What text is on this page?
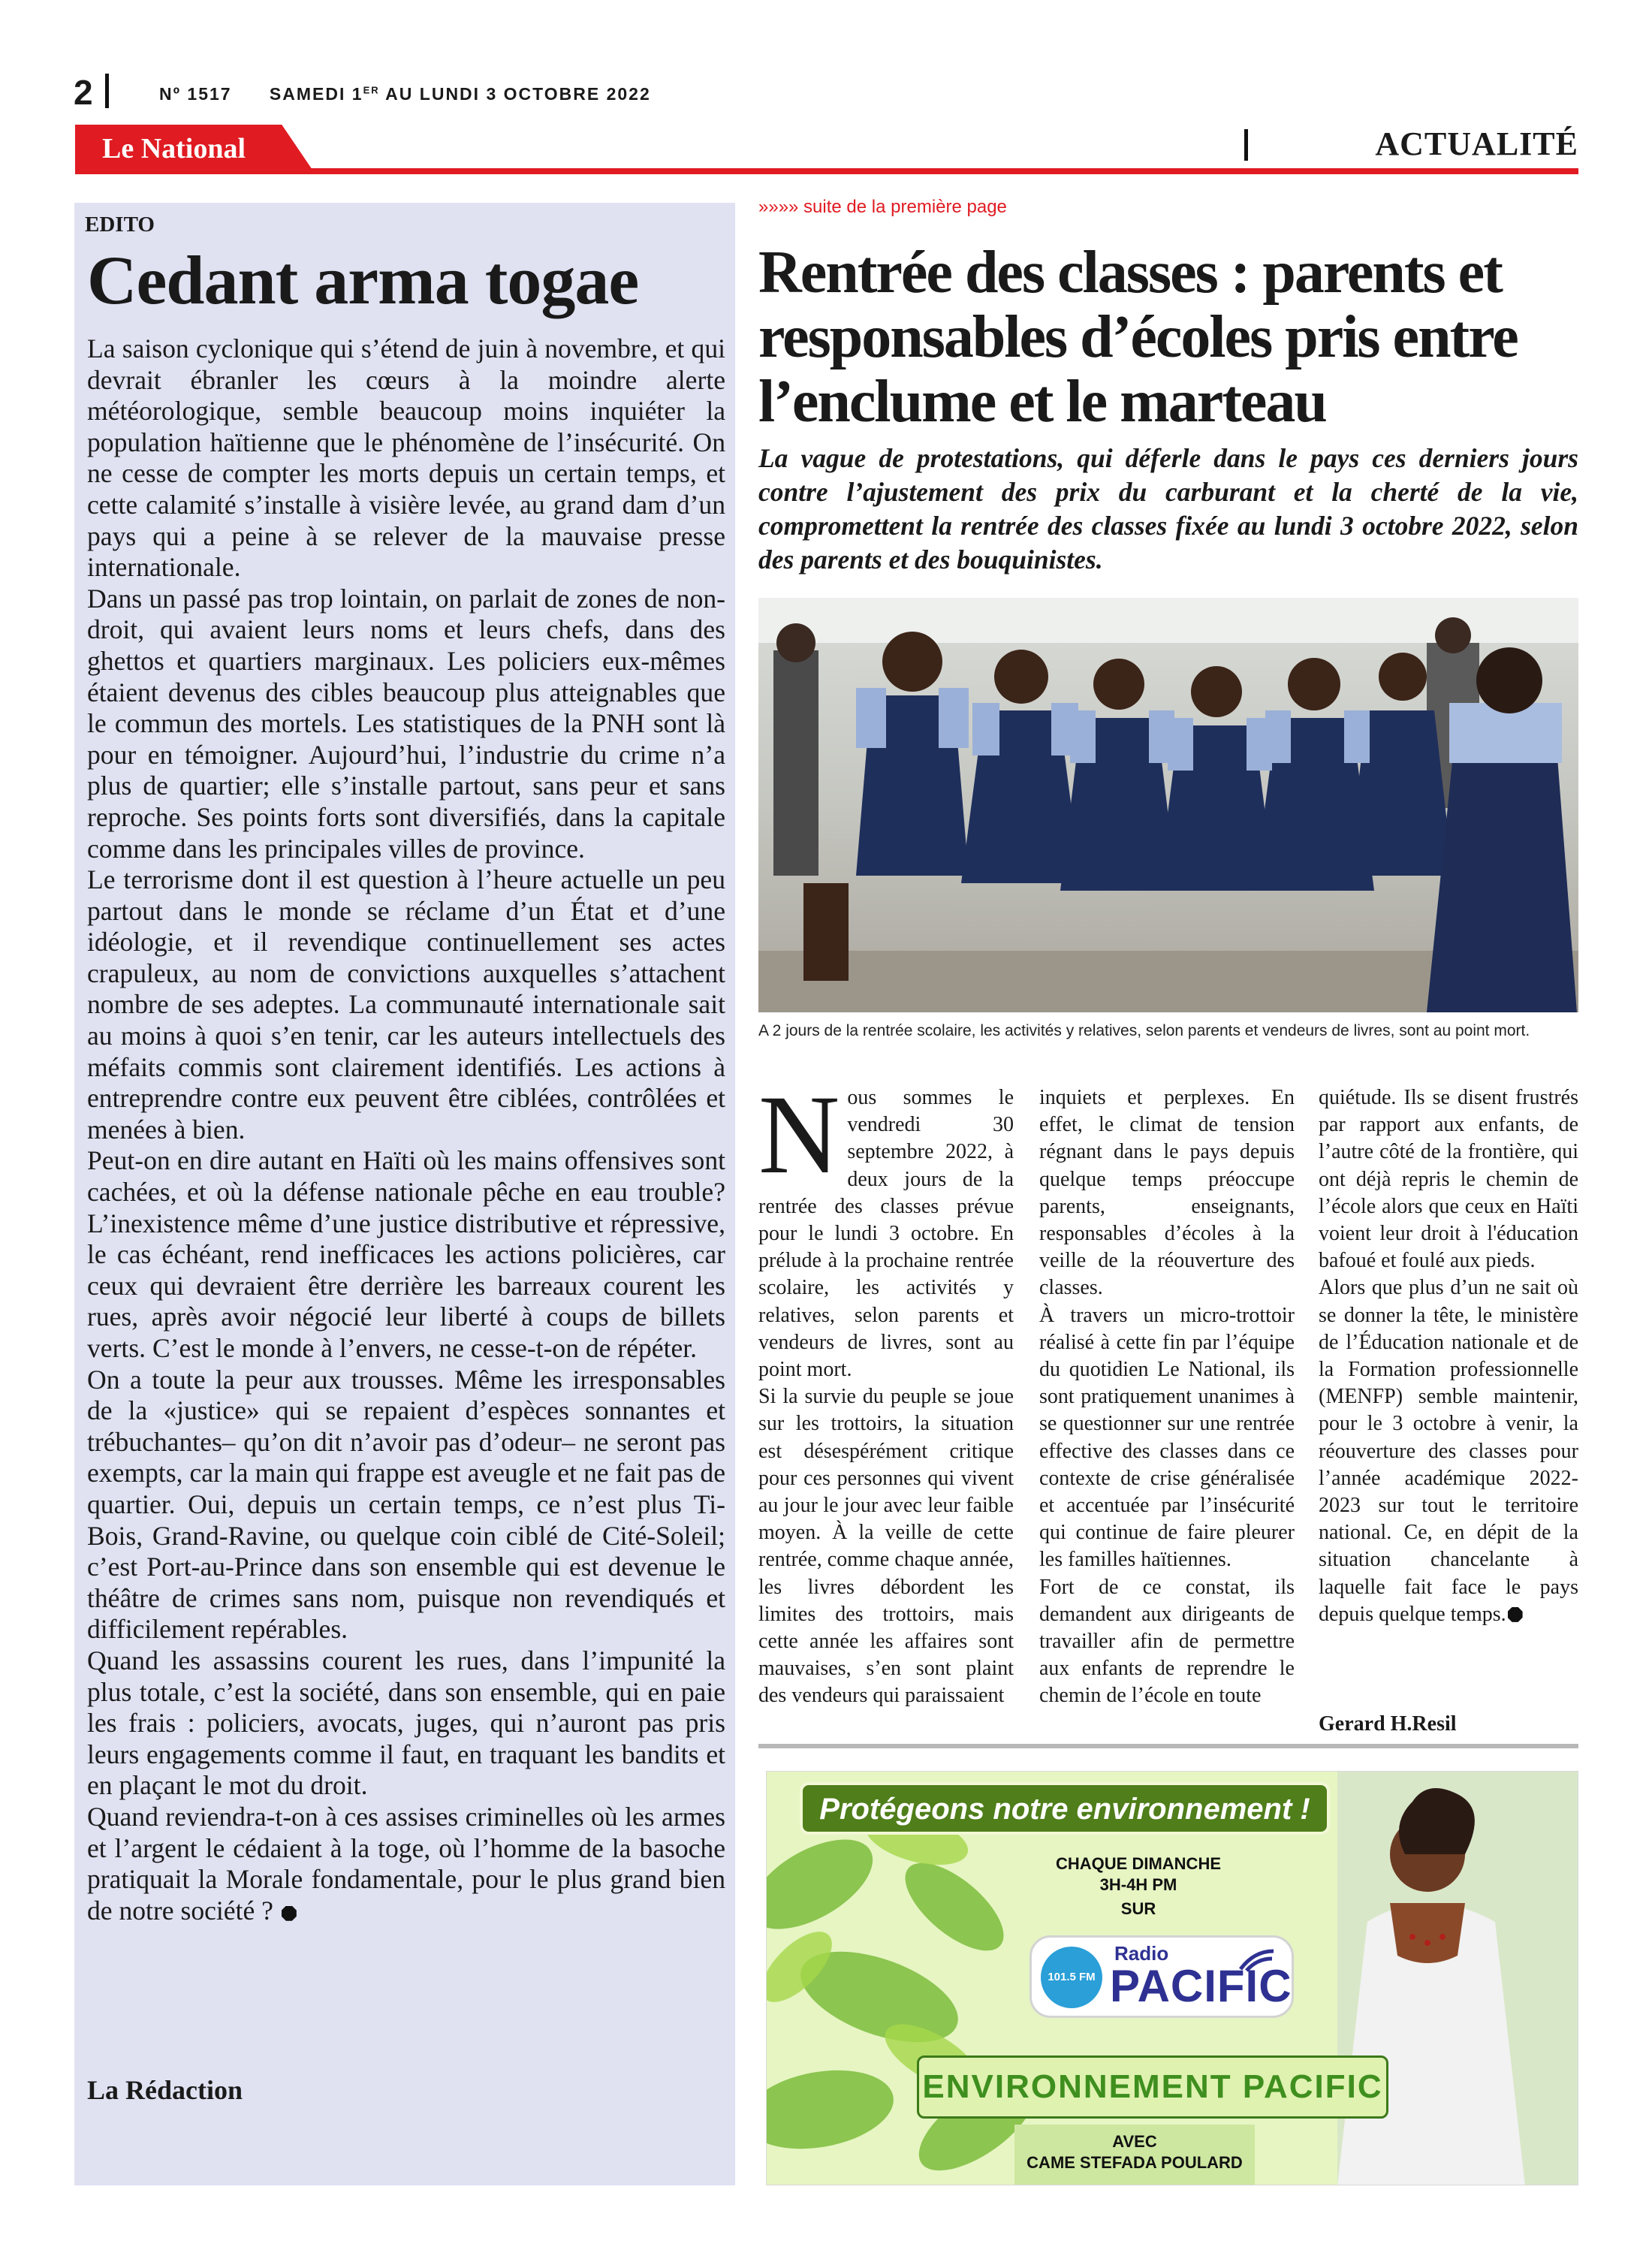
2	Nº 1517 SAMEDI 1ER AU LUNDI 3 OCTOBRE 2022
Le National	ACTUALITÉ
EDITO
Cedant arma togae

La saison cyclonique qui s’étend de juin à novembre, et qui devrait ébranler les cœurs à la moindre alerte météorologique, semble beaucoup moins inquiéter la population haïtienne que le phénomène de l’insécurité. On ne cesse de compter les morts depuis un certain temps, et cette calamité s’installe à visière levée, au grand dam d’un pays qui a peine à se relever de la mauvaise presse internationale.

Dans un passé pas trop lointain, on parlait de zones de non-droit, qui avaient leurs noms et leurs chefs, dans des ghettos et quartiers marginaux. Les policiers eux-mêmes étaient devenus des cibles beaucoup plus atteignables que le commun des mortels. Les statistiques de la PNH sont là pour en témoigner. Aujourd’hui, l’industrie du crime n’a plus de quartier; elle s’installe partout, sans peur et sans reproche. Ses points forts sont diversifiés, dans la capitale comme dans les principales villes de province.

Le terrorisme dont il est question à l’heure actuelle un peu partout dans le monde se réclame d’un État et d’une idéologie, et il revendique continuellement ses actes crapuleux, au nom de convictions auxquelles s’attachent nombre de ses adeptes. La communauté internationale sait au moins à quoi s’en tenir, car les auteurs intellectuels des méfaits commis sont clairement identifiés. Les actions à entreprendre contre eux peuvent être ciblées, contrôlées et menées à bien.

Peut-on en dire autant en Haïti où les mains offensives sont cachées, et où la défense nationale pêche en eau trouble? L’inexistence même d’une justice distributive et répressive, le cas échéant, rend inefficaces les actions policières, car ceux qui devraient être derrière les barreaux courent les rues, après avoir négocié leur liberté à coups de billets verts. C’est le monde à l’envers, ne cesse-t-on de répéter.

On a toute la peur aux trousses. Même les irresponsables de la «justice» qui se repaient d’espèces sonnantes et trébuchantes– qu’on dit n’avoir pas d’odeur– ne seront pas exempts, car la main qui frappe est aveugle et ne fait pas de quartier. Oui, depuis un certain temps, ce n’est plus Ti-Bois, Grand-Ravine, ou quelque coin ciblé de Cité-Soleil; c’est Port-au-Prince dans son ensemble qui est devenue le théâtre de crimes sans nom, puisque non revendiqués et difficilement repérables.

Quand les assassins courent les rues, dans l’impunité la plus totale, c’est la société, dans son ensemble, qui en paie les frais : policiers, avocats, juges, qui n’auront pas pris leurs engagements comme il faut, en traquant les bandits et en plaçant le mot du droit.

Quand reviendra-t-on à ces assises criminelles où les armes et l’argent le cédaient à la toge, où l’homme de la basoche pratiquait la Morale fondamentale, pour le plus grand bien de notre société ?

La Rédaction
»»»» suite de la première page
Rentrée des classes : parents et responsables d’écoles pris entre l’enclume et le marteau

La vague de protestations, qui déferle dans le pays ces derniers jours contre l’ajustement des prix du carburant et la cherté de la vie, compromettent la rentrée des classes fixée au lundi 3 octobre 2022, selon des parents et des bouquinistes.

A 2 jours de la rentrée scolaire, les activités y relatives, selon parents et vendeurs de livres, sont au point mort.

Nous sommes le vendredi 30 septembre 2022, à deux jours de la rentrée des classes prévue pour le lundi 3 octobre. En prélude à la prochaine rentrée scolaire, les activités y relatives, selon parents et vendeurs de livres, sont au point mort.

Si la survie du peuple se joue sur les trottoirs, la situation est désespérément critique pour ces personnes qui vivent au jour le jour avec leur faible moyen. À la veille de cette rentrée, comme chaque année, les livres débordent les limites des trottoirs, mais cette année les affaires sont mauvaises, s’en sont plaint des vendeurs qui paraissaient

inquiets et perplexes. En effet, le climat de tension régnant dans le pays depuis quelque temps préoccupe parents, enseignants, responsables d’écoles à la veille de la réouverture des classes.

À travers un micro-trottoir réalisé à cette fin par l’équipe du quotidien Le National, ils sont pratiquement unanimes à se questionner sur une rentrée effective des classes dans ce contexte de crise généralisée et accentuée par l’insécurité qui continue de faire pleurer les familles haïtiennes.

Fort de ce constat, ils demandent aux dirigeants de travailler afin de permettre aux enfants de reprendre le chemin de l’école en toute

quiétude. Ils se disent frustrés par rapport aux enfants, de l’autre côté de la frontière, qui ont déjà repris le chemin de l’école alors que ceux en Haïti voient leur droit à l'éducation bafoué et foulé aux pieds.

Alors que plus d’un ne sait où se donner la tête, le ministère de l’Éducation nationale et de la Formation professionnelle (MENFP) semble maintenir, pour le 3 octobre à venir, la réouverture des classes pour l’année académique 2022-2023 sur tout le territoire national. Ce, en dépit de la situation chancelante à laquelle fait face le pays depuis quelque temps.

Gerard H.Resil
Protégeons notre environnement !
CHAQUE DIMANCHE
3H-4H PM
SUR
101.5 FM
Radio
PACIFIC
ENVIRONNEMENT PACIFIC
AVEC
CAME STEFADA POULARD
